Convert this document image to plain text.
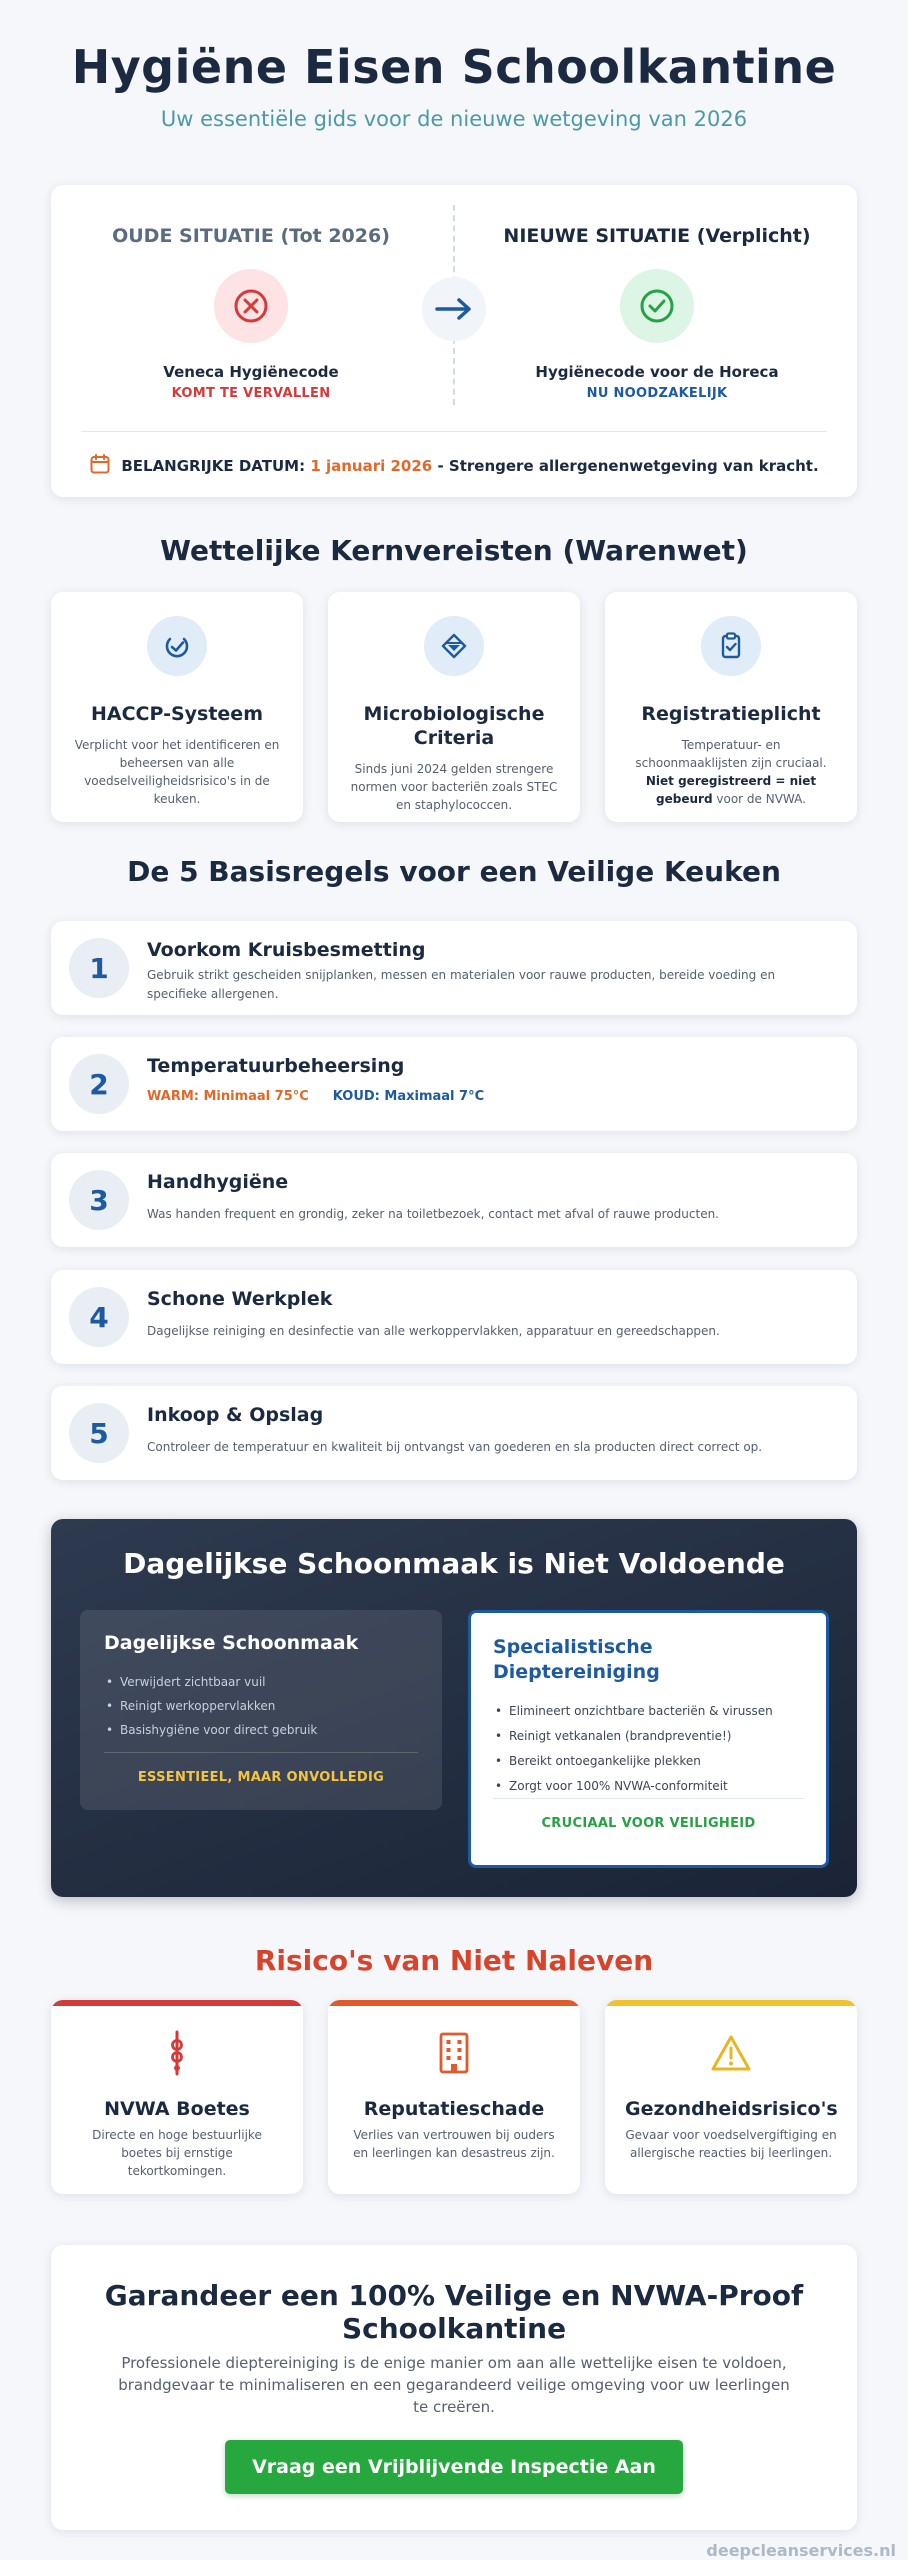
Hygiëne Eisen Schoolkantine
Uw essentiële gids voor de nieuwe wetgeving van 2026
OUDE SITUATIE (Tot 2026)
Veneca Hygiënecode
KOMT TE VERVALLEN
NIEUWE SITUATIE (Verplicht)
Hygiënecode voor de Horeca
NU NOODZAKELIJK
BELANGRIJKE DATUM: 1 januari 2026 - Strengere allergenenwetgeving van kracht.
Wettelijke Kernvereisten (Warenwet)
HACCP-Systeem
Verplicht voor het identificeren en beheersen van alle voedselveiligheidsrisico's in de keuken.
Microbiologische Criteria
Sinds juni 2024 gelden strengere normen voor bacteriën zoals STEC en staphylococcen.
Registratieplicht
Temperatuur- en schoonmaaklijsten zijn cruciaal. Niet geregistreerd = niet gebeurd voor de NVWA.
De 5 Basisregels voor een Veilige Keuken
1
Voorkom Kruisbesmetting
Gebruik strikt gescheiden snijplanken, messen en materialen voor rauwe producten, bereide voeding en specifieke allergenen.
2
Temperatuurbeheersing
WARM: Minimaal 75°C KOUD: Maximaal 7°C
3
Handhygiëne
Was handen frequent en grondig, zeker na toiletbezoek, contact met afval of rauwe producten.
4
Schone Werkplek
Dagelijkse reiniging en desinfectie van alle werkoppervlakken, apparatuur en gereedschappen.
5
Inkoop & Opslag
Controleer de temperatuur en kwaliteit bij ontvangst van goederen en sla producten direct correct op.
Dagelijkse Schoonmaak is Niet Voldoende
Dagelijkse Schoonmaak
• Verwijdert zichtbaar vuil
• Reinigt werkoppervlakken
• Basishygiëne voor direct gebruik
ESSENTIEEL, MAAR ONVOLLEDIG
Specialistische Dieptereiniging
• Elimineert onzichtbare bacteriën & virussen
• Reinigt vetkanalen (brandpreventie!)
• Bereikt ontoegankelijke plekken
• Zorgt voor 100% NVWA-conformiteit
CRUCIAAL VOOR VEILIGHEID
Risico's van Niet Naleven
NVWA Boetes
Directe en hoge bestuurlijke boetes bij ernstige tekortkomingen.
Reputatieschade
Verlies van vertrouwen bij ouders en leerlingen kan desastreus zijn.
Gezondheidsrisico's
Gevaar voor voedselvergiftiging en allergische reacties bij leerlingen.
Garandeer een 100% Veilige en NVWA-Proof Schoolkantine
Professionele dieptereiniging is de enige manier om aan alle wettelijke eisen te voldoen, brandgevaar te minimaliseren en een gegarandeerd veilige omgeving voor uw leerlingen te creëren.
Vraag een Vrijblijvende Inspectie Aan
deepcleanservices.nl
